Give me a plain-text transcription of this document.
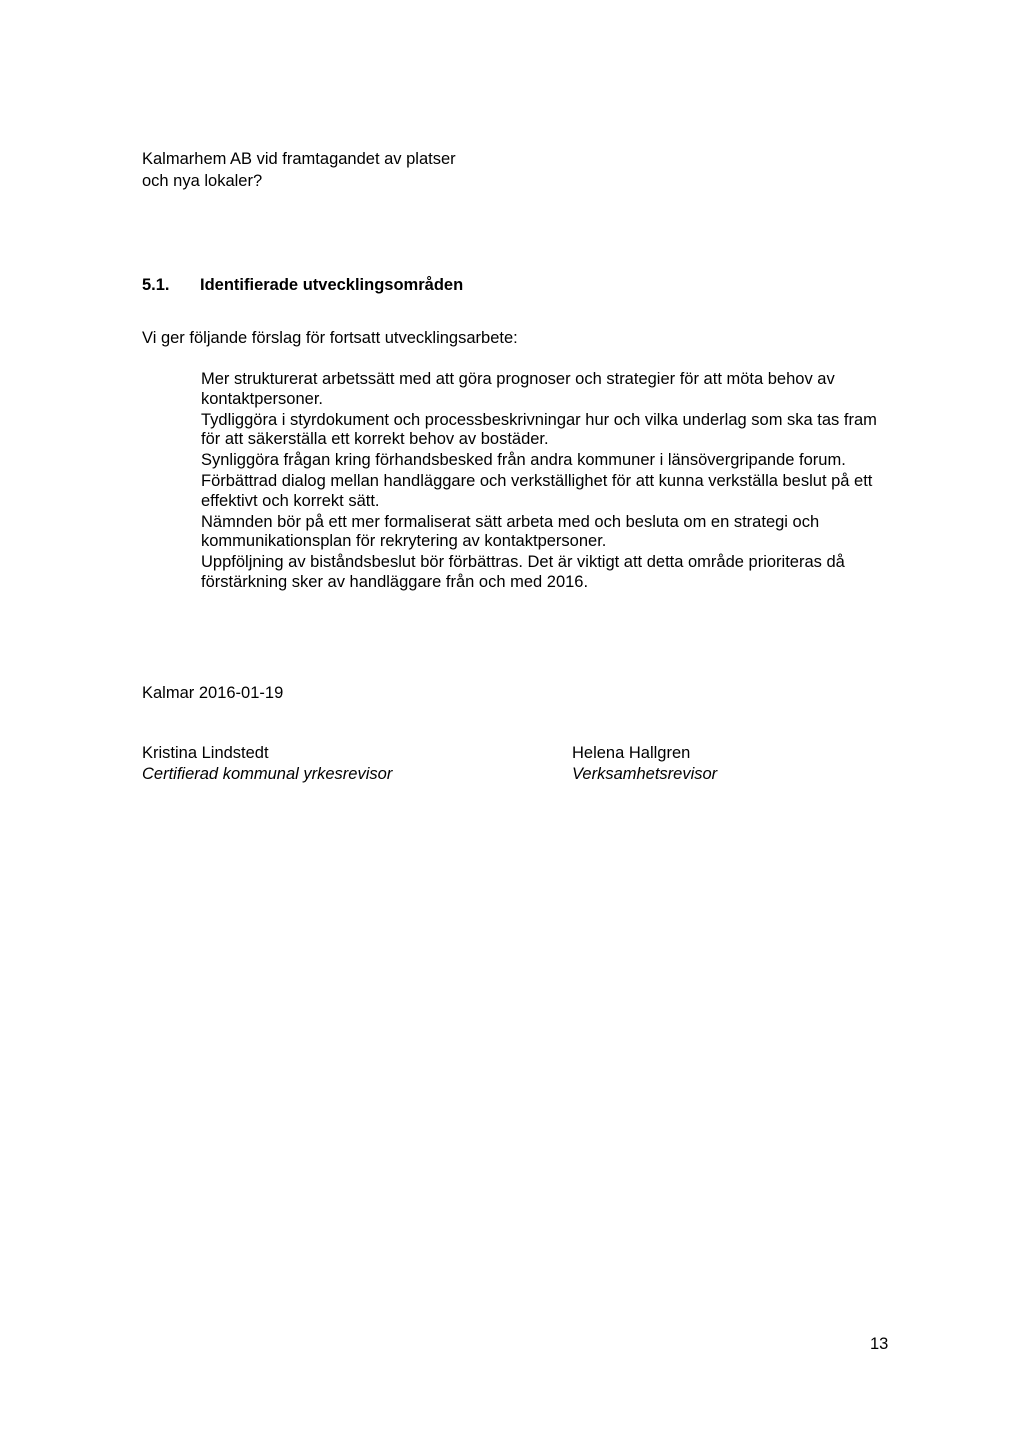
Kalmarhem AB vid framtagandet av platser
och nya lokaler?

5.1. Identifierade utvecklingsområden

Vi ger följande förslag för fortsatt utvecklingsarbete:

Mer strukturerat arbetssätt med att göra prognoser och strategier för att möta behov av kontaktpersoner.
Tydliggöra i styrdokument och processbeskrivningar hur och vilka underlag som ska tas fram för att säkerställa ett korrekt behov av bostäder.
Synliggöra frågan kring förhandsbesked från andra kommuner i länsövergripande forum.
Förbättrad dialog mellan handläggare och verkställighet för att kunna verkställa beslut på ett effektivt och korrekt sätt.
Nämnden bör på ett mer formaliserat sätt arbeta med och besluta om en strategi och kommunikationsplan för rekrytering av kontaktpersoner.
Uppföljning av biståndsbeslut bör förbättras. Det är viktigt att detta område prioriteras då förstärkning sker av handläggare från och med 2016.

Kalmar 2016-01-19

Kristina Lindstedt
Certifierad kommunal yrkesrevisor
Helena Hallgren
Verksamhetsrevisor

13
